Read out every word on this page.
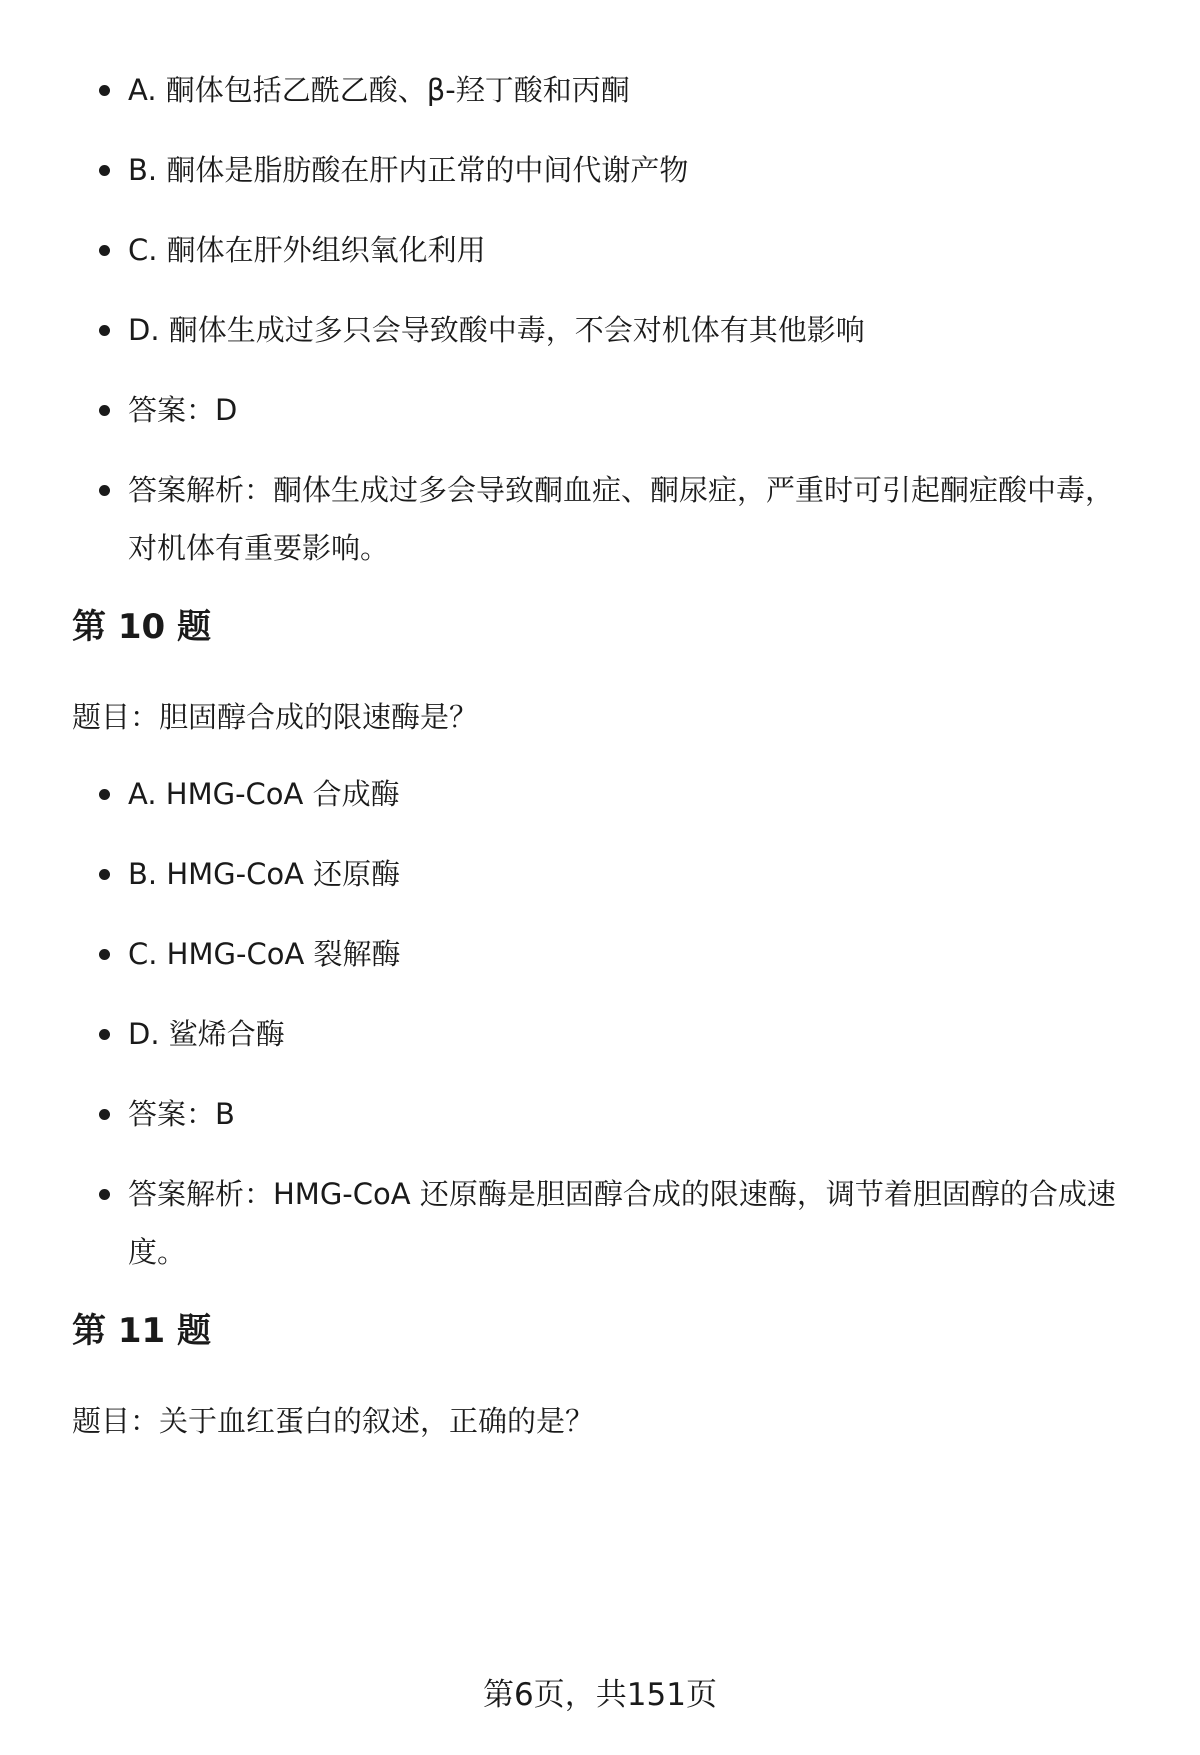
A. 酮体包括乙酰乙酸、β-羟丁酸和丙酮
B. 酮体是脂肪酸在肝内正常的中间代谢产物
C. 酮体在肝外组织氧化利用
D. 酮体生成过多只会导致酸中毒，不会对机体有其他影响
答案：D
答案解析：酮体生成过多会导致酮血症、酮尿症，严重时可引起酮症酸中毒，
对机体有重要影响。
第 10 题
题目：胆固醇合成的限速酶是？
A. HMG-CoA 合成酶
B. HMG-CoA 还原酶
C. HMG-CoA 裂解酶
D. 鲨烯合酶
答案：B
答案解析：HMG-CoA 还原酶是胆固醇合成的限速酶，调节着胆固醇的合成速
度。
第 11 题
题目：关于血红蛋白的叙述，正确的是？
第6页，共151页
